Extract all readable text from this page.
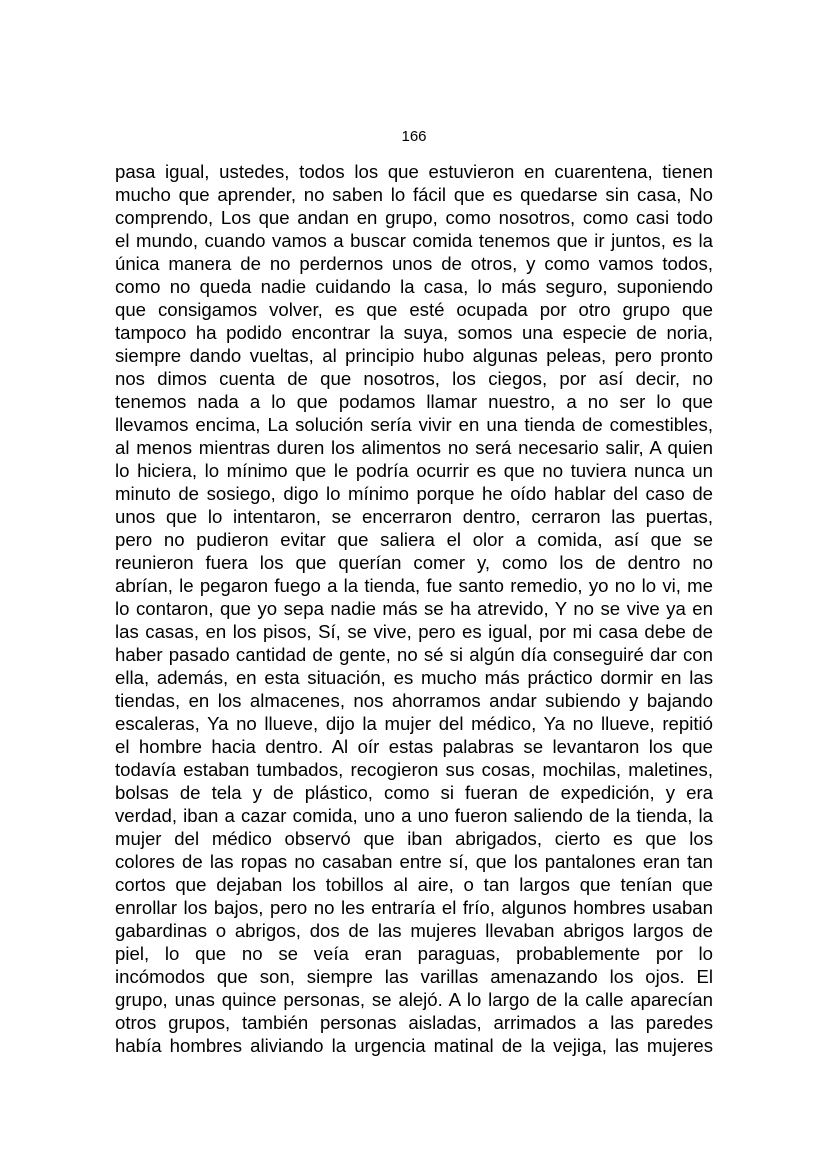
166
pasa igual, ustedes, todos los que estuvieron en cuarentena, tienen
mucho que aprender, no saben lo fácil que es quedarse sin casa, No
comprendo, Los que andan en grupo, como nosotros, como casi todo
el mundo, cuando vamos a buscar comida tenemos que ir juntos, es la
única manera de no perdernos unos de otros, y como vamos todos,
como no queda nadie cuidando la casa, lo más seguro, suponiendo
que consigamos volver, es que esté ocupada por otro grupo que
tampoco ha podido encontrar la suya, somos una especie de noria,
siempre dando vueltas, al principio hubo algunas peleas, pero pronto
nos dimos cuenta de que nosotros, los ciegos, por así decir, no
tenemos nada a lo que podamos llamar nuestro, a no ser lo que
llevamos encima, La solución sería vivir en una tienda de comestibles,
al menos mientras duren los alimentos no será necesario salir, A quien
lo hiciera, lo mínimo que le podría ocurrir es que no tuviera nunca un
minuto de sosiego, digo lo mínimo porque he oído hablar del caso de
unos que lo intentaron, se encerraron dentro, cerraron las puertas,
pero no pudieron evitar que saliera el olor a comida, así que se
reunieron fuera los que querían comer y, como los de dentro no
abrían, le pegaron fuego a la tienda, fue santo remedio, yo no lo vi, me
lo contaron, que yo sepa nadie más se ha atrevido, Y no se vive ya en
las casas, en los pisos, Sí, se vive, pero es igual, por mi casa debe de
haber pasado cantidad de gente, no sé si algún día conseguiré dar con
ella, además, en esta situación, es mucho más práctico dormir en las
tiendas, en los almacenes, nos ahorramos andar subiendo y bajando
escaleras, Ya no llueve, dijo la mujer del médico, Ya no llueve, repitió
el hombre hacia dentro. Al oír estas palabras se levantaron los que
todavía estaban tumbados, recogieron sus cosas, mochilas, maletines,
bolsas de tela y de plástico, como si fueran de expedición, y era
verdad, iban a cazar comida, uno a uno fueron saliendo de la tienda, la
mujer del médico observó que iban abrigados, cierto es que los
colores de las ropas no casaban entre sí, que los pantalones eran tan
cortos que dejaban los tobillos al aire, o tan largos que tenían que
enrollar los bajos, pero no les entraría el frío, algunos hombres usaban
gabardinas o abrigos, dos de las mujeres llevaban abrigos largos de
piel, lo que no se veía eran paraguas, probablemente por lo
incómodos que son, siempre las varillas amenazando los ojos. El
grupo, unas quince personas, se alejó. A lo largo de la calle aparecían
otros grupos, también personas aisladas, arrimados a las paredes
había hombres aliviando la urgencia matinal de la vejiga, las mujeres
